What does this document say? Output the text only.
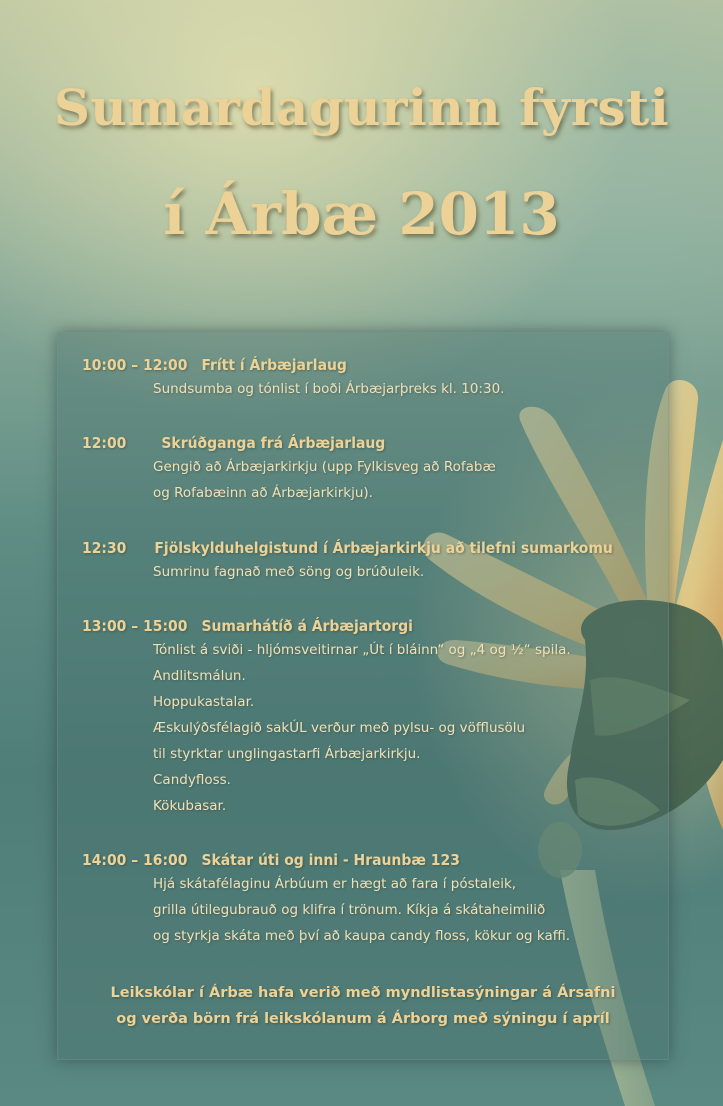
Sumardagurinn fyrsti
í Árbæ 2013
10:00 – 12:00 Frítt í Árbæjarlaug
Sundsumba og tónlist í boði Árbæjarþreks kl. 10:30.
12:00 Skrúðganga frá Árbæjarlaug
Gengið að Árbæjarkirkju (upp Fylkisveg að Rofabæ
og Rofabæinn að Árbæjarkirkju).
12:30 Fjölskylduhelgistund í Árbæjarkirkju að tilefni sumarkomu
Sumrinu fagnað með söng og brúðuleik.
13:00 – 15:00 Sumarhátíð á Árbæjartorgi
Tónlist á sviði - hljómsveitirnar „Út í bláinn“ og „4 og ½“ spila.
Andlitsmálun.
Hoppukastalar.
Æskulýðsfélagið sakÚL verður með pylsu- og vöfflusölu
til styrktar unglingastarfi Árbæjarkirkju.
Candyfloss.
Kökubasar.
14:00 – 16:00 Skátar úti og inni - Hraunbæ 123
Hjá skátafélaginu Árbúum er hægt að fara í póstaleik,
grilla útilegubrauð og klifra í trönum. Kíkja á skátaheimilið
og styrkja skáta með því að kaupa candy floss, kökur og kaffi.
Leikskólar í Árbæ hafa verið með myndlistasýningar á Ársafni
og verða börn frá leikskólanum á Árborg með sýningu í apríl
